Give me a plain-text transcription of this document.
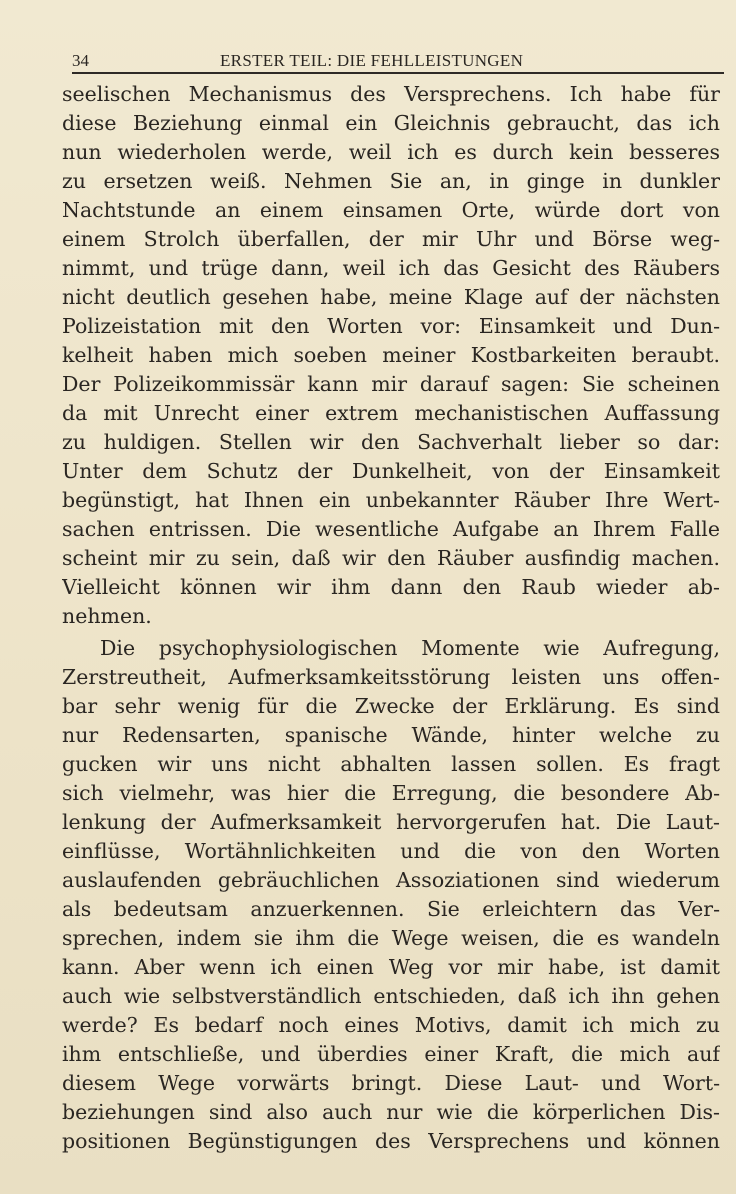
34	ERSTER TEIL: DIE FEHLLEISTUNGEN
seelischen Mechanismus des Versprechens. Ich habe für
diese Beziehung einmal ein Gleichnis gebraucht, das ich
nun wiederholen werde, weil ich es durch kein besseres
zu ersetzen weiß. Nehmen Sie an, in ginge in dunkler
Nachtstunde an einem einsamen Orte, würde dort von
einem Strolch überfallen, der mir Uhr und Börse weg-
nimmt, und trüge dann, weil ich das Gesicht des Räubers
nicht deutlich gesehen habe, meine Klage auf der nächsten
Polizeistation mit den Worten vor: Einsamkeit und Dun-
kelheit haben mich soeben meiner Kostbarkeiten beraubt.
Der Polizeikommissär kann mir darauf sagen: Sie scheinen
da mit Unrecht einer extrem mechanistischen Auffassung
zu huldigen. Stellen wir den Sachverhalt lieber so dar:
Unter dem Schutz der Dunkelheit, von der Einsamkeit
begünstigt, hat Ihnen ein unbekannter Räuber Ihre Wert-
sachen entrissen. Die wesentliche Aufgabe an Ihrem Falle
scheint mir zu sein, daß wir den Räuber ausfindig machen.
Vielleicht können wir ihm dann den Raub wieder ab-
nehmen.
Die psychophysiologischen Momente wie Aufregung,
Zerstreutheit, Aufmerksamkeitsstörung leisten uns offen-
bar sehr wenig für die Zwecke der Erklärung. Es sind
nur Redensarten, spanische Wände, hinter welche zu
gucken wir uns nicht abhalten lassen sollen. Es fragt
sich vielmehr, was hier die Erregung, die besondere Ab-
lenkung der Aufmerksamkeit hervorgerufen hat. Die Laut-
einflüsse, Wortähnlichkeiten und die von den Worten
auslaufenden gebräuchlichen Assoziationen sind wiederum
als bedeutsam anzuerkennen. Sie erleichtern das Ver-
sprechen, indem sie ihm die Wege weisen, die es wandeln
kann. Aber wenn ich einen Weg vor mir habe, ist damit
auch wie selbstverständlich entschieden, daß ich ihn gehen
werde? Es bedarf noch eines Motivs, damit ich mich zu
ihm entschließe, und überdies einer Kraft, die mich auf
diesem Wege vorwärts bringt. Diese Laut- und Wort-
beziehungen sind also auch nur wie die körperlichen Dis-
positionen Begünstigungen des Versprechens und können
